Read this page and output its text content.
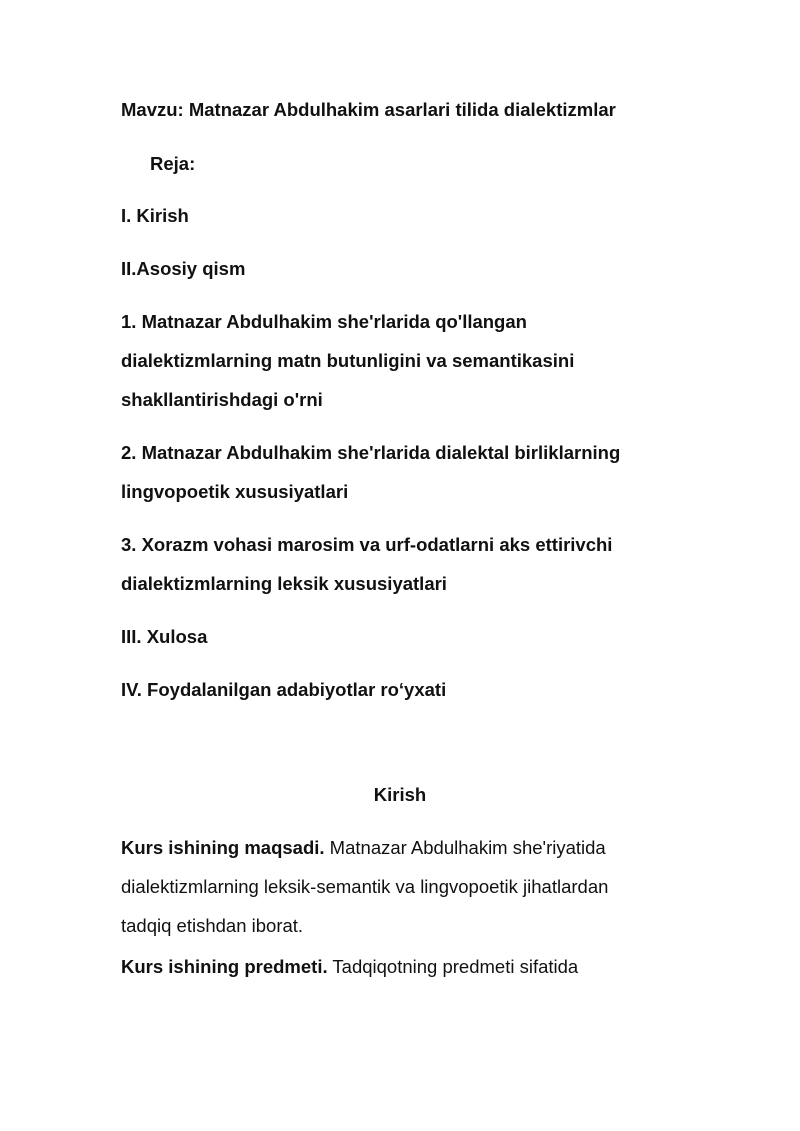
Mavzu: Matnazar Abdulhakim asarlari tilida dialektizmlar
Reja:
I. Kirish
II.Asosiy qism
1. Matnazar Abdulhakim she'rlarida qo'llangan
dialektizmlarning matn butunligini va semantikasini
shakllantirishdagi o'rni
2. Matnazar Abdulhakim she'rlarida dialektal birliklarning
lingvopoetik xususiyatlari
3. Xorazm vohasi marosim va urf-odatlarni aks ettirivchi
dialektizmlarning leksik xususiyatlari
III. Xulosa
IV. Foydalanilgan adabiyotlar ro‘yxati
Kirish
Kurs ishining maqsadi. Matnazar Abdulhakim she'riyatida
dialektizmlarning leksik-semantik va lingvopoetik jihatlardan
tadqiq etishdan iborat.
Kurs ishining predmeti. Tadqiqotning predmeti sifatida
